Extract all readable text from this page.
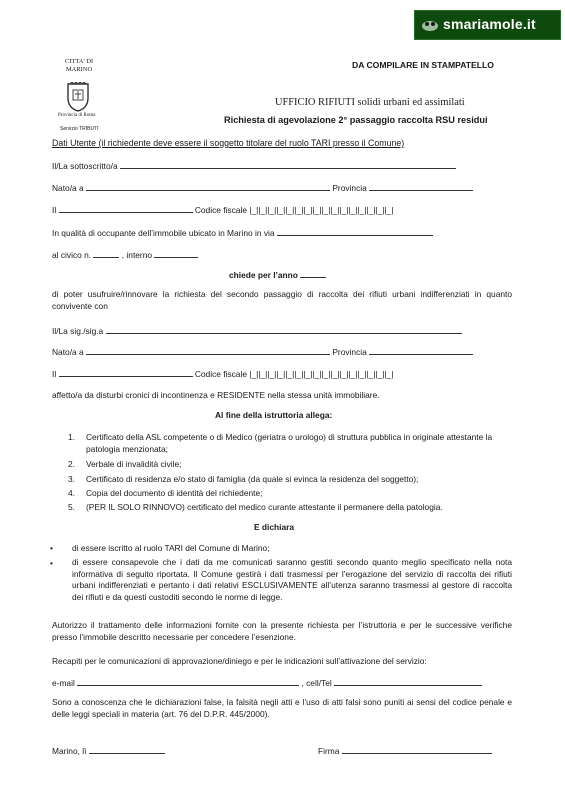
smariamole.it
DA COMPILARE IN STAMPATELLO
CITTA' DI
MARINO
Provincia di Roma
Servizio TRIBUTI
UFFICIO RIFIUTI solidi urbani ed assimilati
Richiesta di agevolazione 2° passaggio raccolta RSU residui
Dati Utente (il richiedente deve essere il soggetto titolare del ruolo TARI presso il Comune)
Il/La sottoscritto/a
Nato/a a	Provincia
Il	Codice fiscale |_||_||_||_||_||_||_||_||_||_||_||_||_||_||_||_|
In qualità di occupante dell’immobile ubicato in Marino in via
al civico n.	, interno
chiede per l’anno
di poter usufruire/rinnovare la richiesta del secondo passaggio di raccolta dei rifiuti urbani indifferenziati in quanto convivente con
Il/La sig./sig.a
Nato/a a	Provincia
Il	Codice fiscale |_||_||_||_||_||_||_||_||_||_||_||_||_||_||_||_|
affetto/a da disturbi cronici di incontinenza e RESIDENTE nella stessa unità immobiliare.
Al fine della istruttoria allega:
1. Certificato della ASL competente o di Medico (geriatra o urologo) di struttura pubblica in originale attestante la patologia menzionata;
2. Verbale di invalidità civile;
3. Certificato di residenza e/o stato di famiglia (da quale si evinca la residenza del soggetto);
4. Copia del documento di identità del richiedente;
5. (PER IL SOLO RINNOVO) certificato del medico curante attestante il permanere della patologia.
E dichiara
• di essere iscritto al ruolo TARI del Comune di Marino;
• di essere consapevole che i dati da me comunicati saranno gestiti secondo quanto meglio specificato nella nota informativa di seguito riportata. Il Comune gestirà i dati trasmessi per l’erogazione del servizio di raccolta dei rifiuti urbani indifferenziati e pertanto i dati relativi ESCLUSIVAMENTE all’utenza saranno trasmessi al gestore di raccolta dei rifiuti e da questi custoditi secondo le norme di legge.
Autorizzo il trattamento delle informazioni fornite con la presente richiesta per l’istruttoria e per le successive verifiche presso l’immobile descritto necessarie per concedere l’esenzione.
Recapiti per le comunicazioni di approvazione/diniego e per le indicazioni sull’attivazione del servizio:
e-mail	, cell/Tel
Sono a conoscenza che le dichiarazioni false, la falsità negli atti e l’uso di atti falsi sono puniti ai sensi del codice penale e delle leggi speciali in materia (art. 76 del D.P.R. 445/2000).
Marino, lì	Firma
